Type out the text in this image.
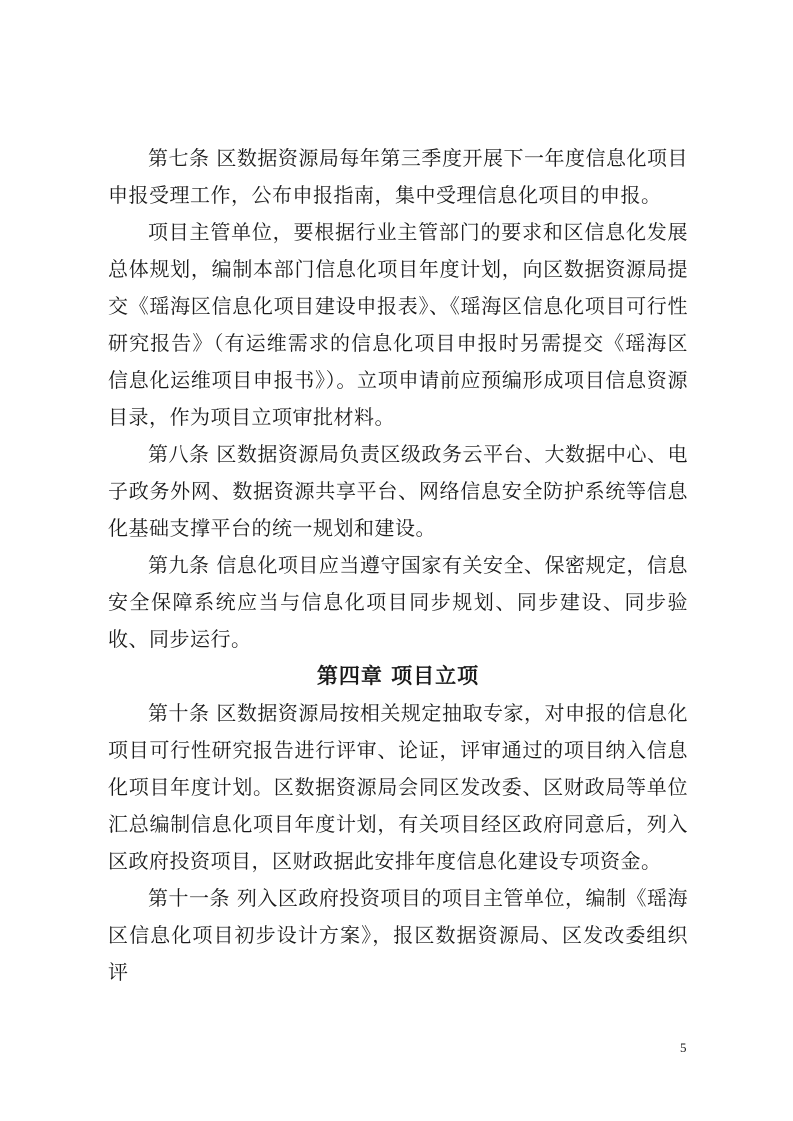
第七条 区数据资源局每年第三季度开展下一年度信息化项目申报受理工作，公布申报指南，集中受理信息化项目的申报。

项目主管单位，要根据行业主管部门的要求和区信息化发展总体规划，编制本部门信息化项目年度计划，向区数据资源局提交《瑶海区信息化项目建设申报表》、《瑶海区信息化项目可行性研究报告》（有运维需求的信息化项目申报时另需提交《瑶海区信息化运维项目申报书》）。立项申请前应预编形成项目信息资源目录，作为项目立项审批材料。

第八条 区数据资源局负责区级政务云平台、大数据中心、电子政务外网、数据资源共享平台、网络信息安全防护系统等信息化基础支撑平台的统一规划和建设。

第九条 信息化项目应当遵守国家有关安全、保密规定，信息安全保障系统应当与信息化项目同步规划、同步建设、同步验收、同步运行。

第四章 项目立项

第十条 区数据资源局按相关规定抽取专家，对申报的信息化项目可行性研究报告进行评审、论证，评审通过的项目纳入信息化项目年度计划。区数据资源局会同区发改委、区财政局等单位汇总编制信息化项目年度计划，有关项目经区政府同意后，列入区政府投资项目，区财政据此安排年度信息化建设专项资金。

第十一条 列入区政府投资项目的项目主管单位，编制《瑶海区信息化项目初步设计方案》，报区数据资源局、区发改委组织评

5
